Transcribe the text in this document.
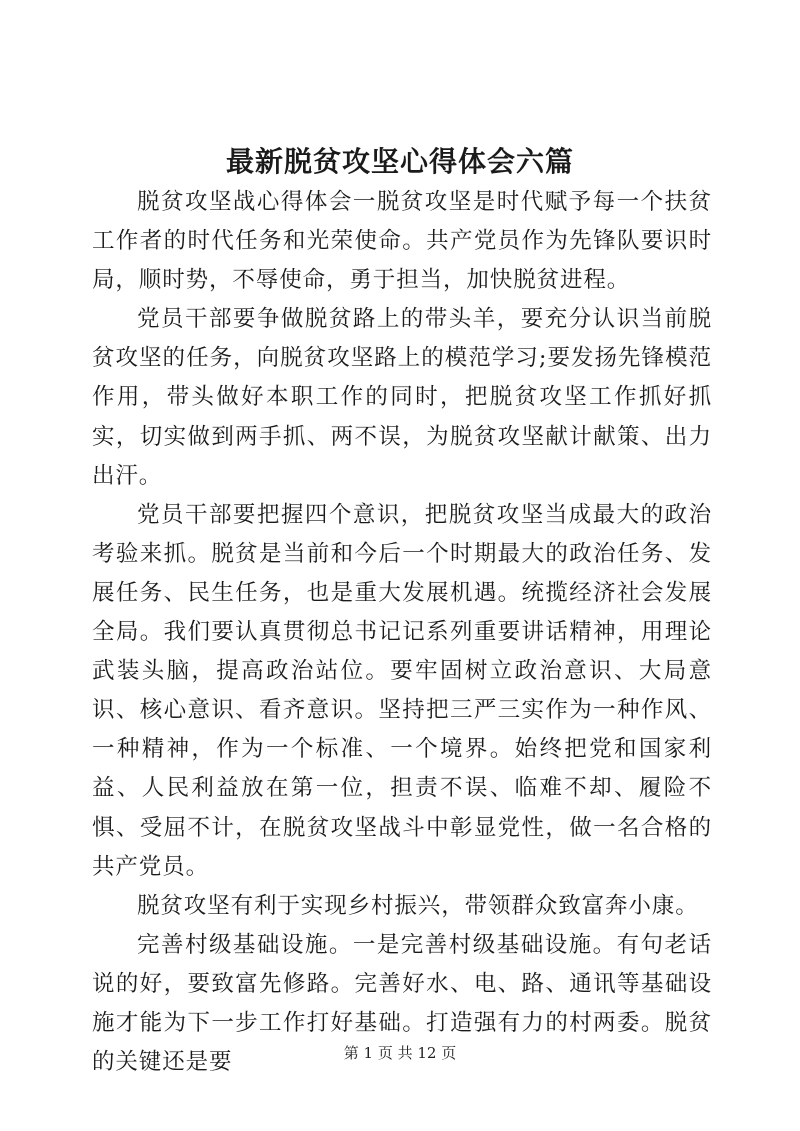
最新脱贫攻坚心得体会六篇

脱贫攻坚战心得体会一脱贫攻坚是时代赋予每一个扶贫工作者的时代任务和光荣使命。共产党员作为先锋队要识时局，顺时势，不辱使命，勇于担当，加快脱贫进程。

党员干部要争做脱贫路上的带头羊，要充分认识当前脱贫攻坚的任务，向脱贫攻坚路上的模范学习;要发扬先锋模范作用，带头做好本职工作的同时，把脱贫攻坚工作抓好抓实，切实做到两手抓、两不误，为脱贫攻坚献计献策、出力出汗。

党员干部要把握四个意识，把脱贫攻坚当成最大的政治考验来抓。脱贫是当前和今后一个时期最大的政治任务、发展任务、民生任务，也是重大发展机遇。统揽经济社会发展全局。我们要认真贯彻总书记记系列重要讲话精神，用理论武装头脑，提高政治站位。要牢固树立政治意识、大局意识、核心意识、看齐意识。坚持把三严三实作为一种作风、一种精神，作为一个标准、一个境界。始终把党和国家利益、人民利益放在第一位，担责不误、临难不却、履险不惧、受屈不计，在脱贫攻坚战斗中彰显党性，做一名合格的共产党员。

脱贫攻坚有利于实现乡村振兴，带领群众致富奔小康。

完善村级基础设施。一是完善村级基础设施。有句老话说的好，要致富先修路。完善好水、电、路、通讯等基础设施才能为下一步工作打好基础。打造强有力的村两委。脱贫的关键还是要	第 1 页 共 12 页
